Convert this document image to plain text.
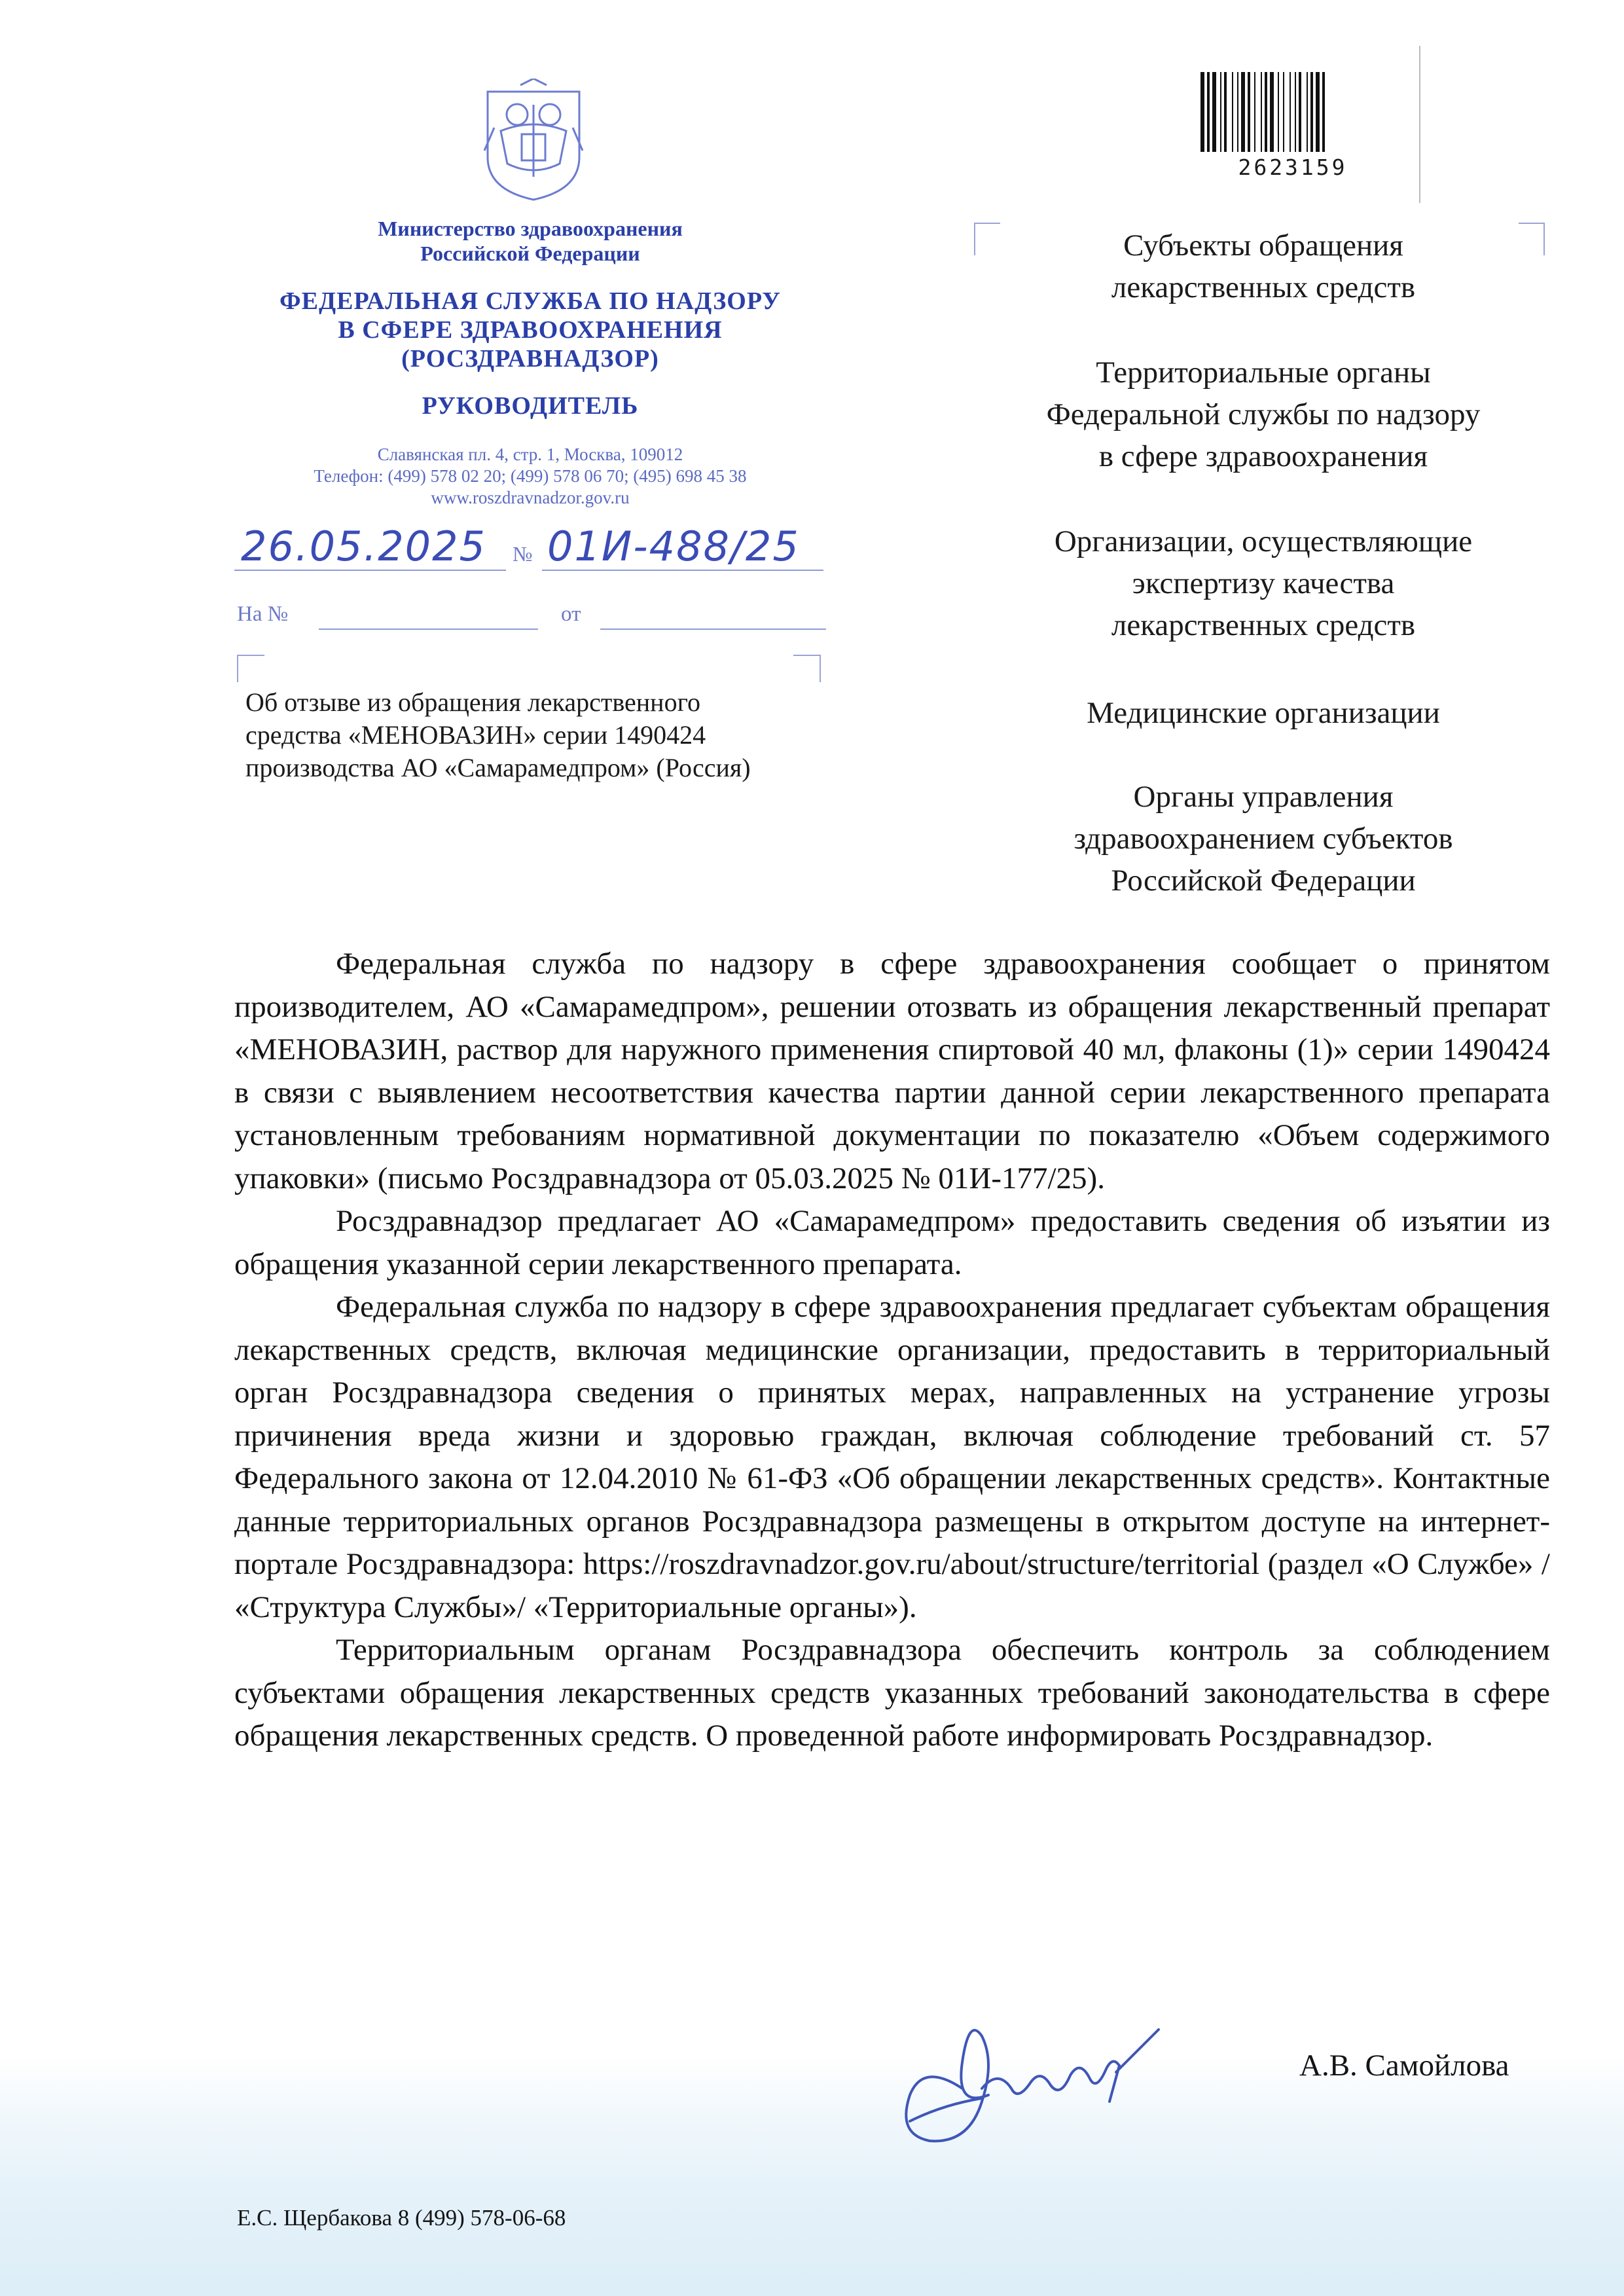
Министерство здравоохранения
Российской Федерации
ФЕДЕРАЛЬНАЯ СЛУЖБА ПО НАДЗОРУ
В СФЕРЕ ЗДРАВООХРАНЕНИЯ
(РОСЗДРАВНАДЗОР)
РУКОВОДИТЕЛЬ
Славянская пл. 4, стр. 1, Москва, 109012
Телефон: (499) 578 02 20; (499) 578 06 70; (495) 698 45 38
www.roszdravnadzor.gov.ru
26.05.2025 № 01И-488/25
На №	от
Об отзыве из обращения лекарственного
средства «МЕНОВАЗИН» серии 1490424
производства АО «Самарамедпром» (Россия)
2623159
Субъекты обращения
лекарственных средств
Территориальные органы
Федеральной службы по надзору
в сфере здравоохранения
Организации, осуществляющие
экспертизу качества
лекарственных средств
Медицинские организации
Органы управления
здравоохранением субъектов
Российской Федерации

Федеральная служба по надзору в сфере здравоохранения сообщает о принятом производителем, АО «Самарамедпром», решении отозвать из обращения лекарственный препарат «МЕНОВАЗИН, раствор для наружного применения спиртовой 40 мл, флаконы (1)» серии 1490424 в связи с выявлением несоответствия качества партии данной серии лекарственного препарата установленным требованиям нормативной документации по показателю «Объем содержимого упаковки» (письмо Росздравнадзора от 05.03.2025 № 01И-177/25).

Росздравнадзор предлагает АО «Самарамедпром» предоставить сведения об изъятии из обращения указанной серии лекарственного препарата.

Федеральная служба по надзору в сфере здравоохранения предлагает субъектам обращения лекарственных средств, включая медицинские организации, предоставить в территориальный орган Росздравнадзора сведения о принятых мерах, направленных на устранение угрозы причинения вреда жизни и здоровью граждан, включая соблюдение требований ст. 57 Федерального закона от 12.04.2010 № 61-ФЗ «Об обращении лекарственных средств». Контактные данные территориальных органов Росздравнадзора размещены в открытом доступе на интернет-портале Росздравнадзора: https://roszdravnadzor.gov.ru/about/structure/territorial (раздел «О Службе» / «Структура Службы»/ «Территориальные органы»).

Территориальным органам Росздравнадзора обеспечить контроль за соблюдением субъектами обращения лекарственных средств указанных требований законодательства в сфере обращения лекарственных средств. О проведенной работе информировать Росздравнадзор.

А.В. Самойлова
Е.С. Щербакова 8 (499) 578-06-68
